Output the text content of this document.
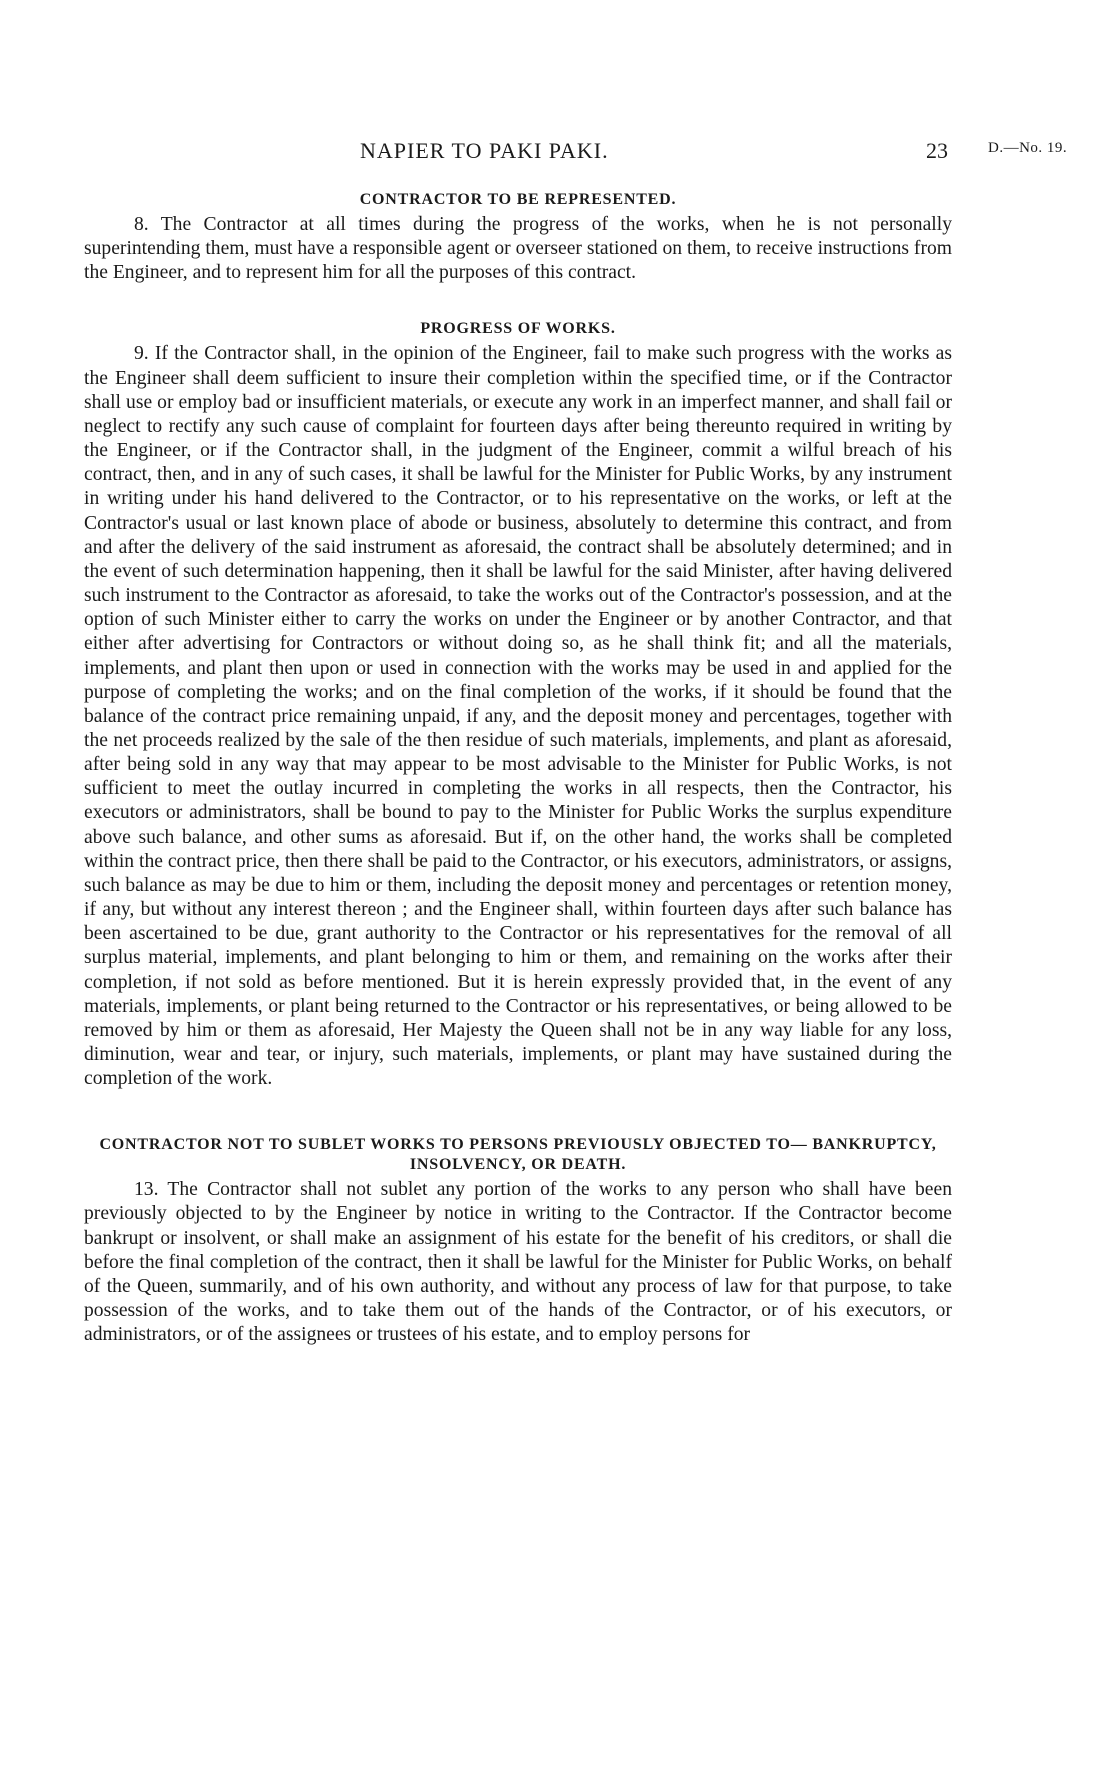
NAPIER TO PAKI PAKI.	23	D.—No. 19.
CONTRACTOR TO BE REPRESENTED.

8. The Contractor at all times during the progress of the works, when he is not personally superintending them, must have a responsible agent or overseer stationed on them, to receive instructions from the Engineer, and to represent him for all the purposes of this contract.

PROGRESS OF WORKS.

9. If the Contractor shall, in the opinion of the Engineer, fail to make such progress with the works as the Engineer shall deem sufficient to insure their completion within the specified time, or if the Contractor shall use or employ bad or insufficient materials, or execute any work in an imperfect manner, and shall fail or neglect to rectify any such cause of complaint for fourteen days after being thereunto required in writing by the Engineer, or if the Contractor shall, in the judgment of the Engineer, commit a wilful breach of his contract, then, and in any of such cases, it shall be lawful for the Minister for Public Works, by any instrument in writing under his hand delivered to the Contractor, or to his representative on the works, or left at the Contractor's usual or last known place of abode or business, absolutely to determine this contract, and from and after the delivery of the said instrument as aforesaid, the contract shall be absolutely determined; and in the event of such determination happening, then it shall be lawful for the said Minister, after having delivered such instrument to the Contractor as aforesaid, to take the works out of the Contractor's possession, and at the option of such Minister either to carry the works on under the Engineer or by another Contractor, and that either after advertising for Contractors or without doing so, as he shall think fit; and all the materials, implements, and plant then upon or used in connection with the works may be used in and applied for the purpose of completing the works; and on the final completion of the works, if it should be found that the balance of the contract price remaining unpaid, if any, and the deposit money and percentages, together with the net proceeds realized by the sale of the then residue of such materials, implements, and plant as aforesaid, after being sold in any way that may appear to be most advisable to the Minister for Public Works, is not sufficient to meet the outlay incurred in completing the works in all respects, then the Contractor, his executors or administrators, shall be bound to pay to the Minister for Public Works the surplus expenditure above such balance, and other sums as aforesaid. But if, on the other hand, the works shall be completed within the contract price, then there shall be paid to the Contractor, or his executors, administrators, or assigns, such balance as may be due to him or them, including the deposit money and percentages or retention money, if any, but without any interest thereon ; and the Engineer shall, within fourteen days after such balance has been ascertained to be due, grant authority to the Contractor or his representatives for the removal of all surplus material, implements, and plant belonging to him or them, and remaining on the works after their completion, if not sold as before mentioned. But it is herein expressly provided that, in the event of any materials, implements, or plant being returned to the Contractor or his representatives, or being allowed to be removed by him or them as aforesaid, Her Majesty the Queen shall not be in any way liable for any loss, diminution, wear and tear, or injury, such materials, implements, or plant may have sustained during the completion of the work.

CONTRACTOR NOT TO SUBLET WORKS TO PERSONS PREVIOUSLY OBJECTED TO— BANKRUPTCY, INSOLVENCY, OR DEATH.

13. The Contractor shall not sublet any portion of the works to any person who shall have been previously objected to by the Engineer by notice in writing to the Contractor. If the Contractor become bankrupt or insolvent, or shall make an assignment of his estate for the benefit of his creditors, or shall die before the final completion of the contract, then it shall be lawful for the Minister for Public Works, on behalf of the Queen, summarily, and of his own authority, and without any process of law for that purpose, to take possession of the works, and to take them out of the hands of the Contractor, or of his executors, or administrators, or of the assignees or trustees of his estate, and to employ persons for
